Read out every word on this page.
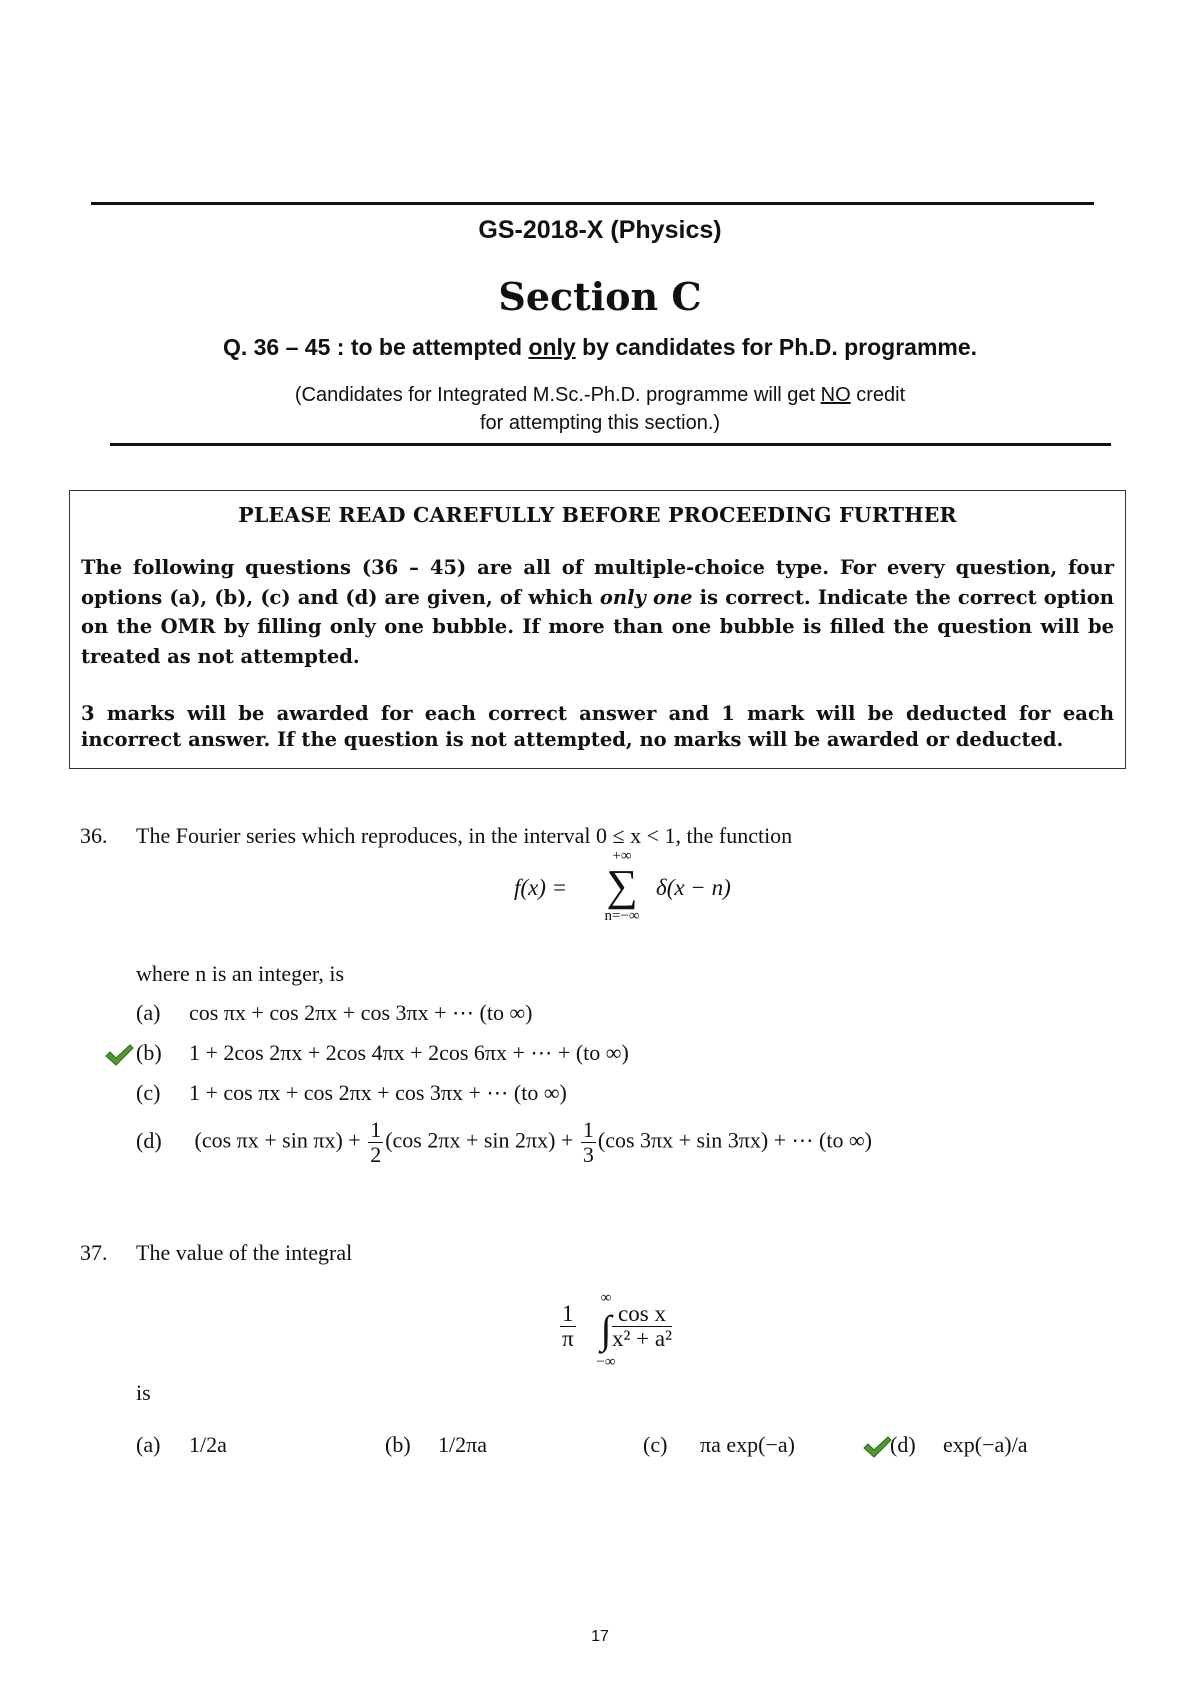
GS-2018-X (Physics)
Section C
Q. 36 – 45 : to be attempted only by candidates for Ph.D. programme.
(Candidates for Integrated M.Sc.-Ph.D. programme will get NO credit
for attempting this section.)
PLEASE READ CAREFULLY BEFORE PROCEEDING FURTHER
The following questions (36 – 45) are all of multiple-choice type. For every question, four options (a), (b), (c) and (d) are given, of which only one is correct. Indicate the correct option on the OMR by filling only one bubble. If more than one bubble is filled the question will be treated as not attempted.
3 marks will be awarded for each correct answer and 1 mark will be deducted for each incorrect answer. If the question is not attempted, no marks will be awarded or deducted.
36. The Fourier series which reproduces, in the interval 0 ≤ x < 1, the function
f(x) =
+∞
∑
n=−∞
δ(x − n)
where n is an integer, is
(a) cos πx + cos 2πx + cos 3πx + ⋯ (to ∞)
(b) 1 + 2cos 2πx + 2cos 4πx + 2cos 6πx + ⋯ + (to ∞)
(c) 1 + cos πx + cos 2πx + cos 3πx + ⋯ (to ∞)
(d) (cos $\pi x + \sin \pi x) + \frac{1}{2} (\cos$ $2\pi x + \sin 2\pi x) + \frac{1}{3} (\cos$ 3πx + sin 3πx) + ⋯ (to ∞)
37. The value of the integral
$\frac{1}{\pi}$
∞
∫
−∞
$\frac{\text{cos x}}{\text{x² + a²}}$
is
(a) 1/2a	(b) 1/2πa	(c) πa exp(−a)	(d) exp(−a)/a
17
